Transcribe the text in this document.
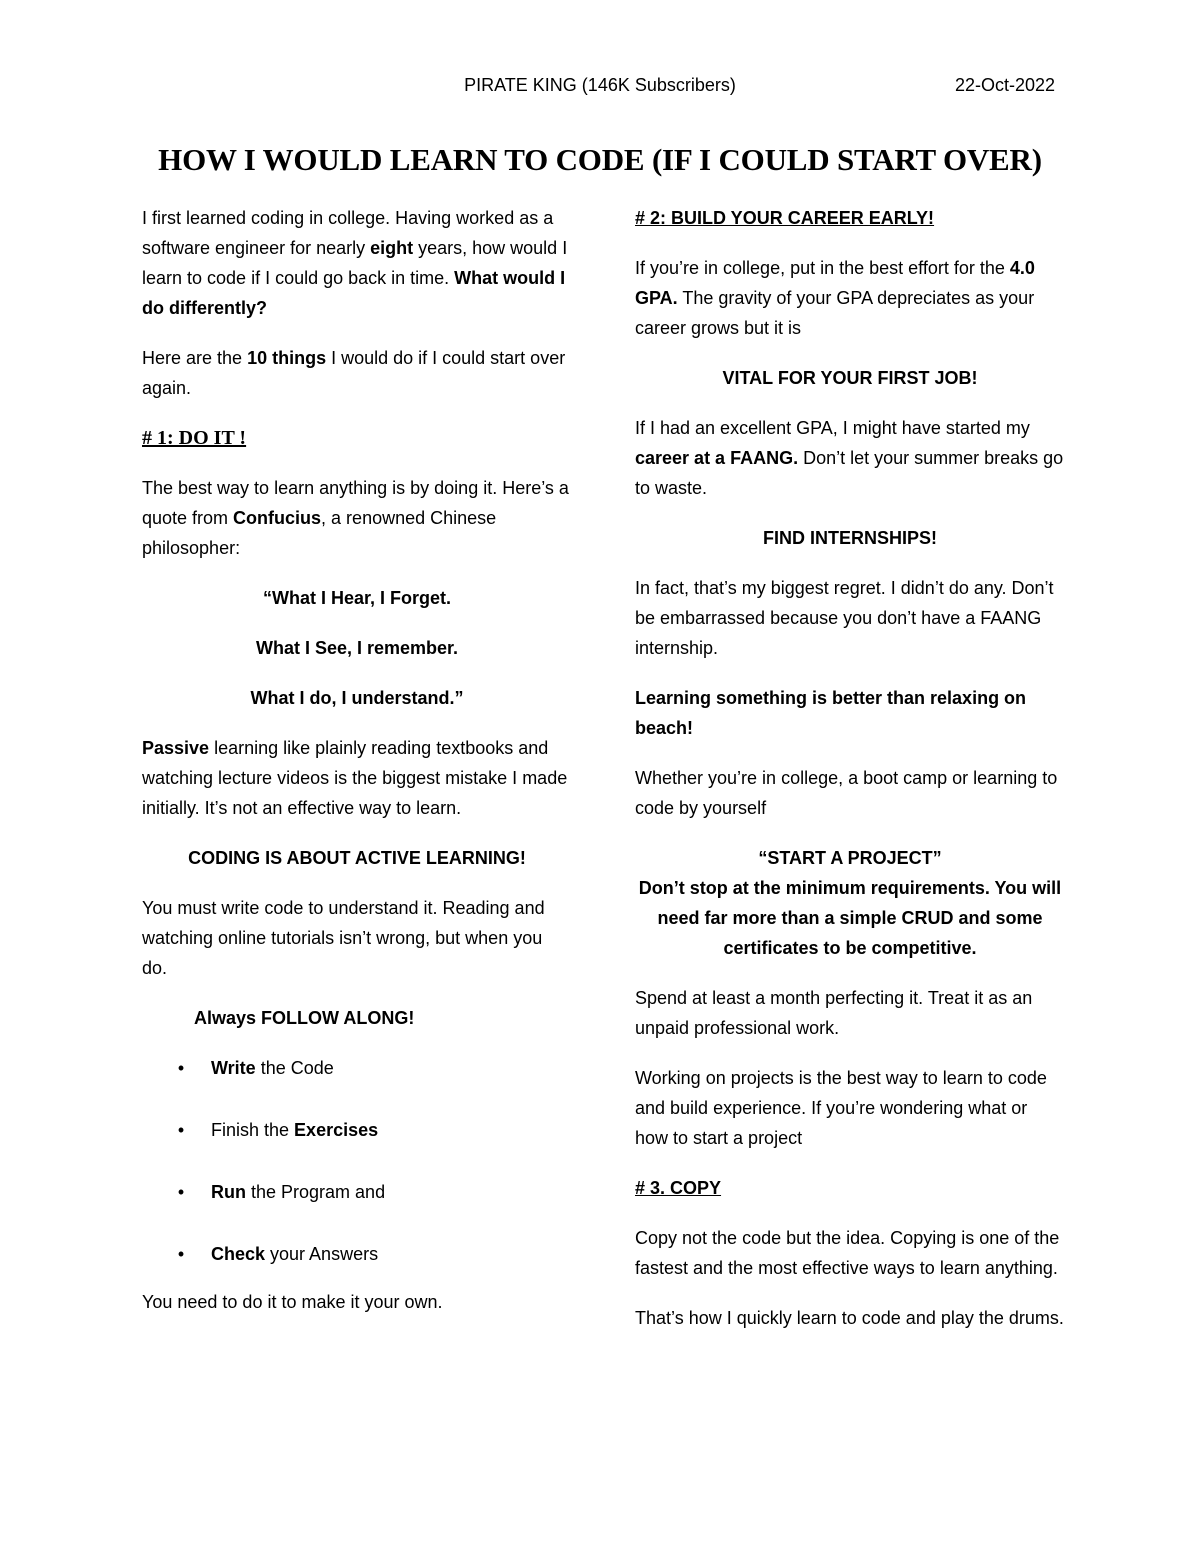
PIRATE KING (146K Subscribers)	22-Oct-2022
HOW I WOULD LEARN TO CODE (IF I COULD START OVER)

I first learned coding in college. Having worked as a software engineer for nearly eight years, how would I learn to code if I could go back in time. What would I do differently?

Here are the 10 things I would do if I could start over again.

# 1: DO IT !

The best way to learn anything is by doing it. Here’s a quote from Confucius, a renowned Chinese philosopher:

“What I Hear, I Forget.

What I See, I remember.

What I do, I understand.”

Passive learning like plainly reading textbooks and watching lecture videos is the biggest mistake I made initially. It’s not an effective way to learn.

CODING IS ABOUT ACTIVE LEARNING!

You must write code to understand it. Reading and watching online tutorials isn’t wrong, but when you do.

Always FOLLOW ALONG!

• Write the Code
• Finish the Exercises
• Run the Program and
• Check your Answers

You need to do it to make it your own.

# 2: BUILD YOUR CAREER EARLY!

If you’re in college, put in the best effort for the 4.0 GPA. The gravity of your GPA depreciates as your career grows but it is

VITAL FOR YOUR FIRST JOB!

If I had an excellent GPA, I might have started my career at a FAANG. Don’t let your summer breaks go to waste.

FIND INTERNSHIPS!

In fact, that’s my biggest regret. I didn’t do any. Don’t be embarrassed because you don’t have a FAANG internship.

Learning something is better than relaxing on beach!

Whether you’re in college, a boot camp or learning to code by yourself

“START A PROJECT”

Don’t stop at the minimum requirements. You will need far more than a simple CRUD and some certificates to be competitive.

Spend at least a month perfecting it. Treat it as an unpaid professional work.

Working on projects is the best way to learn to code and build experience. If you’re wondering what or how to start a project

# 3. COPY

Copy not the code but the idea. Copying is one of the fastest and the most effective ways to learn anything.

That’s how I quickly learn to code and play the drums.
